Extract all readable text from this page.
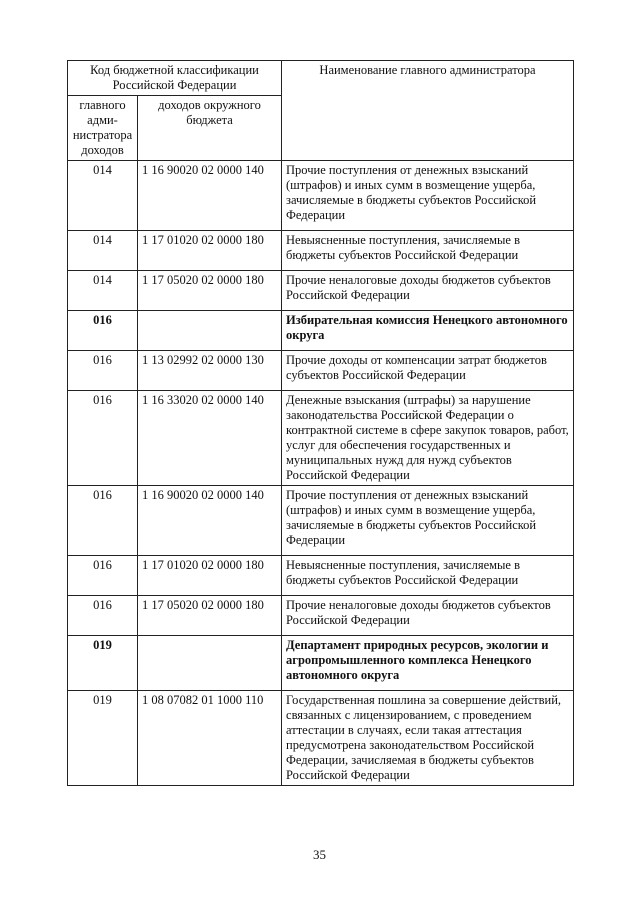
Код бюджетной классификации Российской Федерации		Наименование главного администратора
главного адми-нистратора доходов	доходов окружного бюджета	
014	1 16 90020 02 0000 140	Прочие поступления от денежных взысканий (штрафов) и иных сумм в возмещение ущерба, зачисляемые в бюджеты субъектов Российской Федерации
014	1 17 01020 02 0000 180	Невыясненные поступления, зачисляемые в бюджеты субъектов Российской Федерации
014	1 17 05020 02 0000 180	Прочие неналоговые доходы бюджетов субъектов Российской Федерации
016		Избирательная комиссия Ненецкого автономного округа
016	1 13 02992 02 0000 130	Прочие доходы от компенсации затрат бюджетов субъектов Российской Федерации
016	1 16 33020 02 0000 140	Денежные взыскания (штрафы) за нарушение законодательства Российской Федерации о контрактной системе в сфере закупок товаров, работ, услуг для обеспечения государственных и муниципальных нужд для нужд субъектов Российской Федерации
016	1 16 90020 02 0000 140	Прочие поступления от денежных взысканий (штрафов) и иных сумм в возмещение ущерба, зачисляемые в бюджеты субъектов Российской Федерации
016	1 17 01020 02 0000 180	Невыясненные поступления, зачисляемые в бюджеты субъектов Российской Федерации
016	1 17 05020 02 0000 180	Прочие неналоговые доходы бюджетов субъектов Российской Федерации
019		Департамент природных ресурсов, экологии и агропромышленного комплекса Ненецкого автономного округа
019	1 08 07082 01 1000 110	Государственная пошлина за совершение действий, связанных с лицензированием, с проведением аттестации в случаях, если такая аттестация предусмотрена законодательством Российской Федерации, зачисляемая в бюджеты субъектов Российской Федерации
35
